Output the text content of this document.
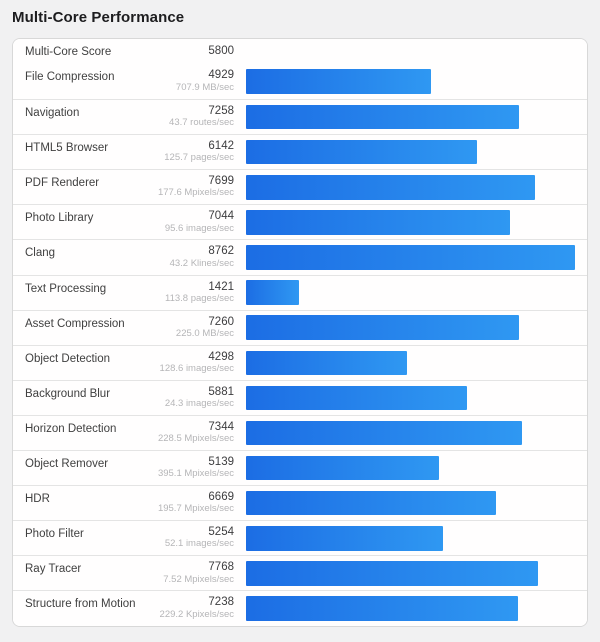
Multi-Core Performance
Multi-Core Score	5800
File Compression	4929
707.9 MB/sec
Navigation	7258
43.7 routes/sec
HTML5 Browser	6142
125.7 pages/sec
PDF Renderer	7699
177.6 Mpixels/sec
Photo Library	7044
95.6 images/sec
Clang	8762
43.2 Klines/sec
Text Processing	1421
113.8 pages/sec
Asset Compression	7260
225.0 MB/sec
Object Detection	4298
128.6 images/sec
Background Blur	5881
24.3 images/sec
Horizon Detection	7344
228.5 Mpixels/sec
Object Remover	5139
395.1 Mpixels/sec
HDR	6669
195.7 Mpixels/sec
Photo Filter	5254
52.1 images/sec
Ray Tracer	7768
7.52 Mpixels/sec
Structure from Motion	7238
229.2 Kpixels/sec
